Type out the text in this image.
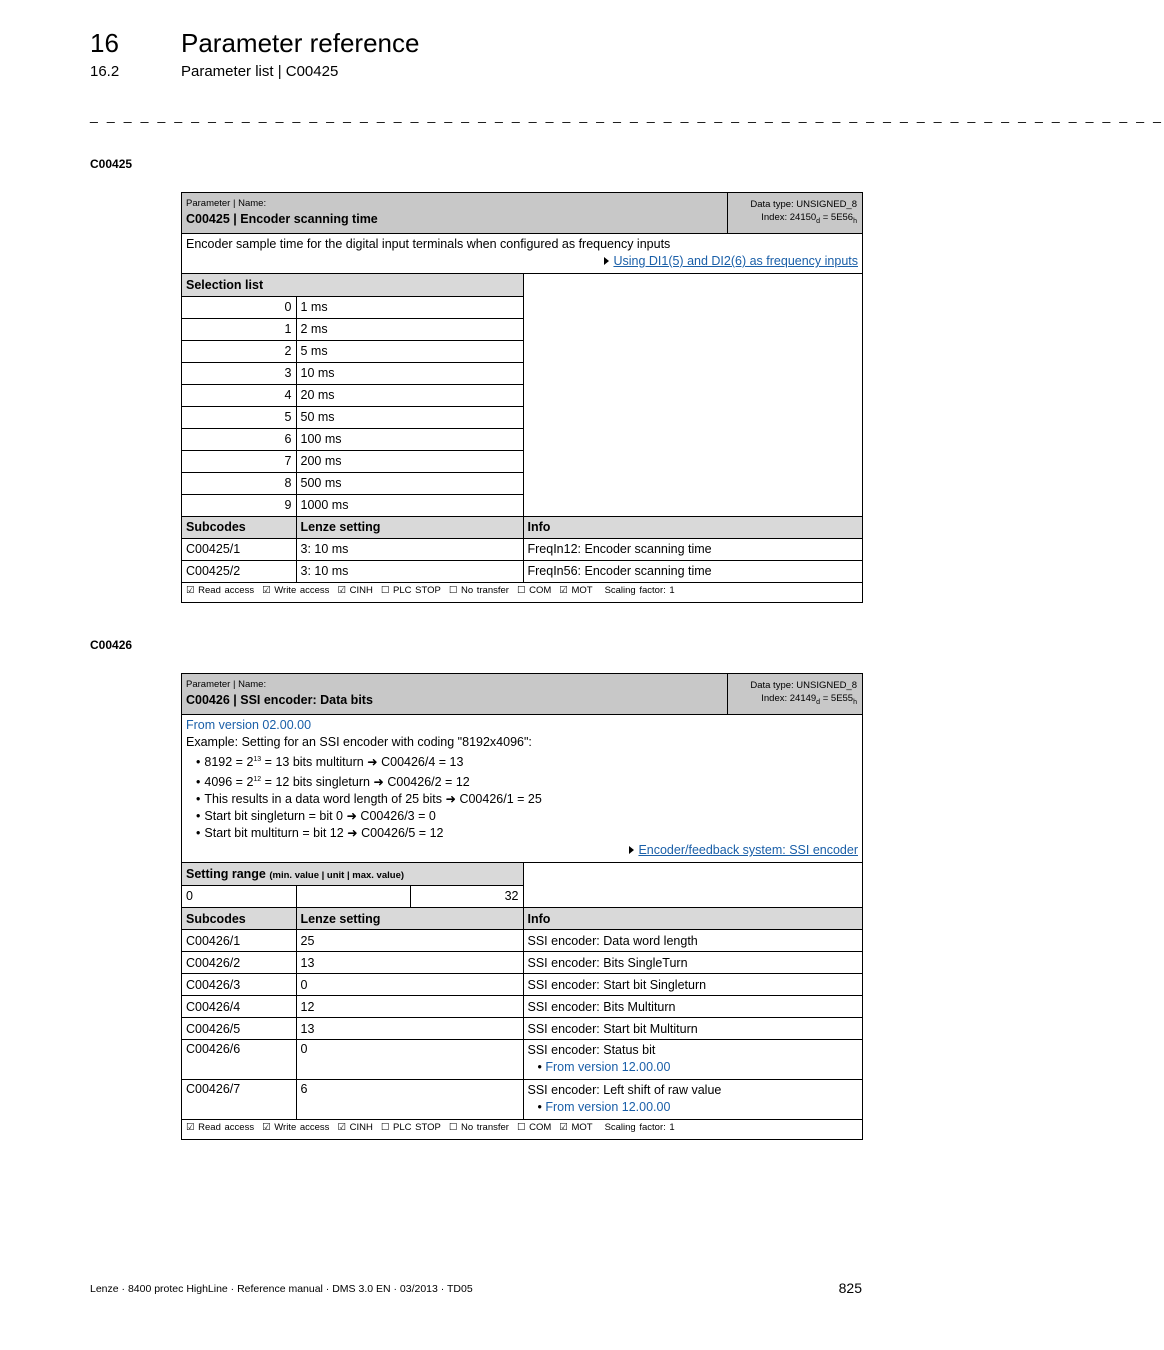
16 Parameter reference
16.2	Parameter list | C00425
_ _ _ _ _ _ _ _ _ _ _ _ _ _ _ _ _ _ _ _ _ _ _ _ _ _ _ _ _ _ _ _ _ _ _ _ _ _ _ _ _ _ _ _ _ _ _ _ _ _ _ _ _ _ _ _ _ _ _ _ _ _ _ _
C00425
Parameter | Name:
C00425 | Encoder scanning time
Data type: UNSIGNED_8
Index: $24150_d = 5E56_h$
Encoder sample time for the digital input terminals when configured as frequency inputs
Using DI1(5) and DI2(6) as frequency inputs
Selection list		
0	1 ms	
1	2 ms	
2	5 ms	
3	10 ms	
4	20 ms	
5	50 ms	
6	100 ms	
7	200 ms	
8	500 ms	
9	1000 ms	
Subcodes	Lenze setting	Info
C00425/1	3: 10 ms	FreqIn12: Encoder scanning time
C00425/2	3: 10 ms	FreqIn56: Encoder scanning time
☑ Read access ☑ Write access ☑ CINH ☐ PLC STOP ☐ No transfer ☐ COM ☑ MOT Scaling factor: 1
C00426
Parameter | Name:
C00426 | SSI encoder: Data bits
Data type: UNSIGNED_8
Index: $24149_d = 5E55_h$
From version 02.00.00
Example: Setting for an SSI encoder with coding "8192x4096":
• $8192 = 2^{13} = 13$ bits multiturn ➜ C00426/4 = 13
• $4096 = 2^{12} = 12$ bits singleturn ➜ C00426/2 = 12
• This results in a data word length of 25 bits ➜ C00426/1 = 25
• Start bit singleturn = bit 0 ➜ C00426/3 = 0
• Start bit multiturn = bit 12 ➜ C00426/5 = 12
Encoder/feedback system: SSI encoder
Setting range (min. value | unit | max. value)			
0		32	
Subcodes	Lenze setting	Info
C00426/1	25	SSI encoder: Data word length
C00426/2	13	SSI encoder: Bits SingleTurn
C00426/3	0	SSI encoder: Start bit Singleturn
C00426/4	12	SSI encoder: Bits Multiturn
C00426/5	13	SSI encoder: Start bit Multiturn
C00426/6	0	SSI encoder: Status bit
• From version 12.00.00

C00426/7	6	SSI encoder: Left shift of raw value
• From version 12.00.00
☑ Read access ☑ Write access ☑ CINH ☐ PLC STOP ☐ No transfer ☐ COM ☑ MOT Scaling factor: 1
Lenze · 8400 protec HighLine · Reference manual · DMS 3.0 EN · 03/2013 · TD05	825
